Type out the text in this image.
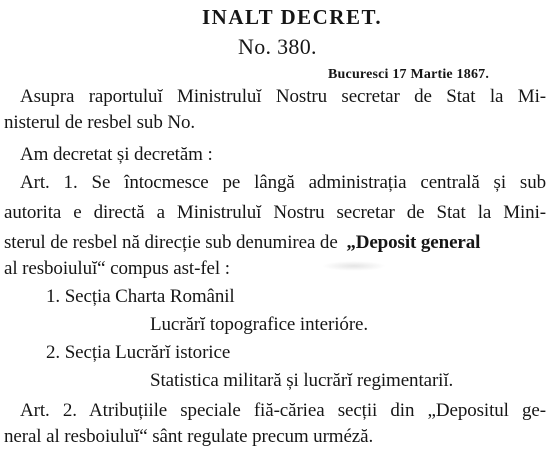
INALT DECRET.
No. 380.
Bucuresci 17 Martie 1867.
Asupra raportuluĭ Ministruluĭ Nostru secretar de Stat la Mi-
nisterul de resbel sub No.
Am decretat și decretăm :
Art. 1. Se întocmesce pe lângă administrația centrală și sub
autorita e directă a Ministruluĭ Nostru secretar de Stat la Mini-
sterul de resbel nă direcție sub denumirea de „Deposit general
al resboiuluĭ“ compus ast-fel :
1. Secția Charta Românil
Lucrărĭ topografice interióre.
2. Secția Lucrărĭ istorice
Statistica militară și lucrărĭ regimentariĭ.
Art. 2. Atribuțiile speciale fiă-căriea secții din „Depositul ge-
neral al resboiuluĭ“ sânt regulate precum urméză.
